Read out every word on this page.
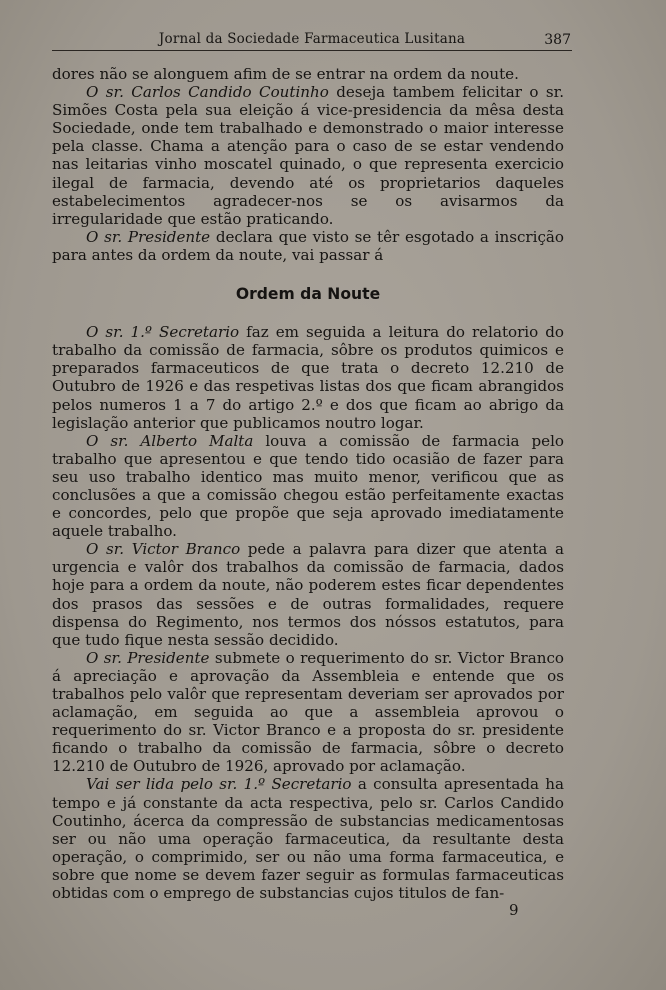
Jornal da Sociedade Farmaceutica Lusitana	387

dores não se alonguem afim de se entrar na ordem da noute.

O sr. Carlos Candido Coutinho deseja tambem felicitar o sr. Simões Costa pela sua eleição á vice-presidencia da mêsa desta Sociedade, onde tem trabalhado e demonstrado o maior interesse pela classe. Chama a atenção para o caso de se estar vendendo nas leitarias vinho moscatel quinado, o que representa exercicio ilegal de farmacia, devendo até os proprietarios daqueles estabelecimentos agradecer-nos se os avisarmos da irregularidade que estão praticando.

O sr. Presidente declara que visto se têr esgotado a inscrição para antes da ordem da noute, vai passar á

Ordem da Noute

O sr. 1.º Secretario faz em seguida a leitura do relatorio do trabalho da comissão de farmacia, sôbre os produtos quimicos e preparados farmaceuticos de que trata o decreto 12.210 de Outubro de 1926 e das respetivas listas dos que ficam abrangidos pelos numeros 1 a 7 do artigo 2.º e dos que ficam ao abrigo da legislação anterior que publicamos noutro logar.

O sr. Alberto Malta louva a comissão de farmacia pelo trabalho que apresentou e que tendo tido ocasião de fazer para seu uso trabalho identico mas muito menor, verificou que as conclusões a que a comissão chegou estão perfeitamente exactas e concordes, pelo que propõe que seja aprovado imediatamente aquele trabalho.

O sr. Victor Branco pede a palavra para dizer que atenta a urgencia e valôr dos trabalhos da comissão de farmacia, dados hoje para a ordem da noute, não poderem estes ficar dependentes dos prasos das sessões e de outras formalidades, requere dispensa do Regimento, nos termos dos nóssos estatutos, para que tudo fique nesta sessão decidido.

O sr. Presidente submete o requerimento do sr. Victor Branco á apreciação e aprovação da Assembleia e entende que os trabalhos pelo valôr que representam deveriam ser aprovados por aclamação, em seguida ao que a assembleia aprovou o requerimento do sr. Victor Branco e a proposta do sr. presidente ficando o trabalho da comissão de farmacia, sôbre o decreto 12.210 de Outubro de 1926, aprovado por aclamação.

Vai ser lida pelo sr. 1.º Secretario a consulta apresentada ha tempo e já constante da acta respectiva, pelo sr. Carlos Candido Coutinho, ácerca da compressão de substancias medicamentosas ser ou não uma operação farmaceutica, da resultante desta operação, o comprimido, ser ou não uma forma farmaceutica, e sobre que nome se devem fazer seguir as formulas farmaceuticas obtidas com o emprego de substancias cujos titulos de fan-

9
